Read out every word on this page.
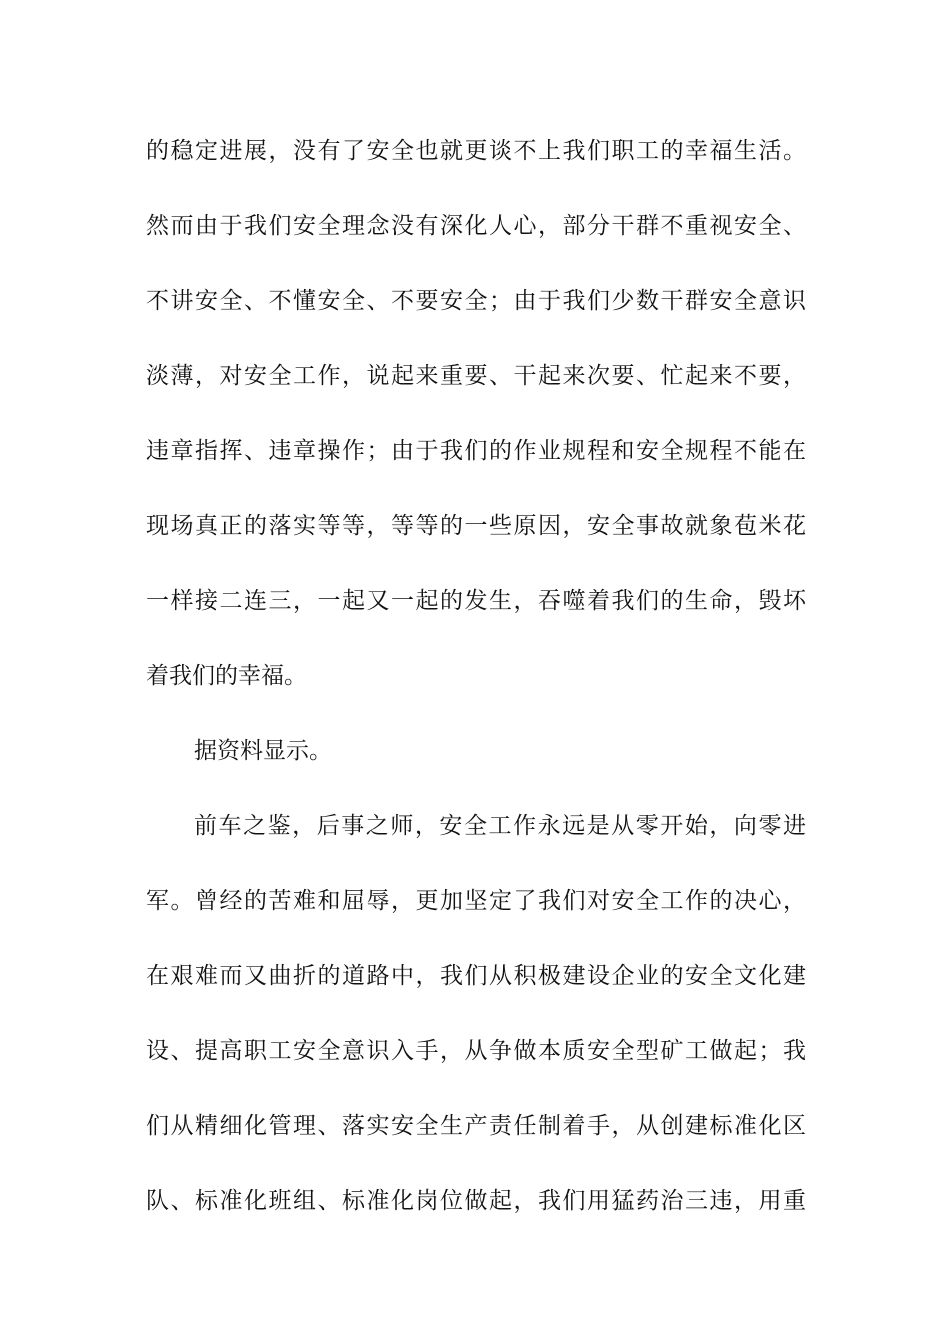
的稳定进展，没有了安全也就更谈不上我们职工的幸福生活。
然而由于我们安全理念没有深化人心，部分干群不重视安全、
不讲安全、不懂安全、不要安全；由于我们少数干群安全意识
淡薄，对安全工作，说起来重要、干起来次要、忙起来不要，
违章指挥、违章操作；由于我们的作业规程和安全规程不能在
现场真正的落实等等，等等的一些原因，安全事故就象苞米花
一样接二连三，一起又一起的发生，吞噬着我们的生命，毁坏
着我们的幸福。
据资料显示。
前车之鉴，后事之师，安全工作永远是从零开始，向零进
军。曾经的苦难和屈辱，更加坚定了我们对安全工作的决心，
在艰难而又曲折的道路中，我们从积极建设企业的安全文化建
设、提高职工安全意识入手，从争做本质安全型矿工做起；我
们从精细化管理、落实安全生产责任制着手，从创建标准化区
队、标准化班组、标准化岗位做起，我们用猛药治三违，用重
